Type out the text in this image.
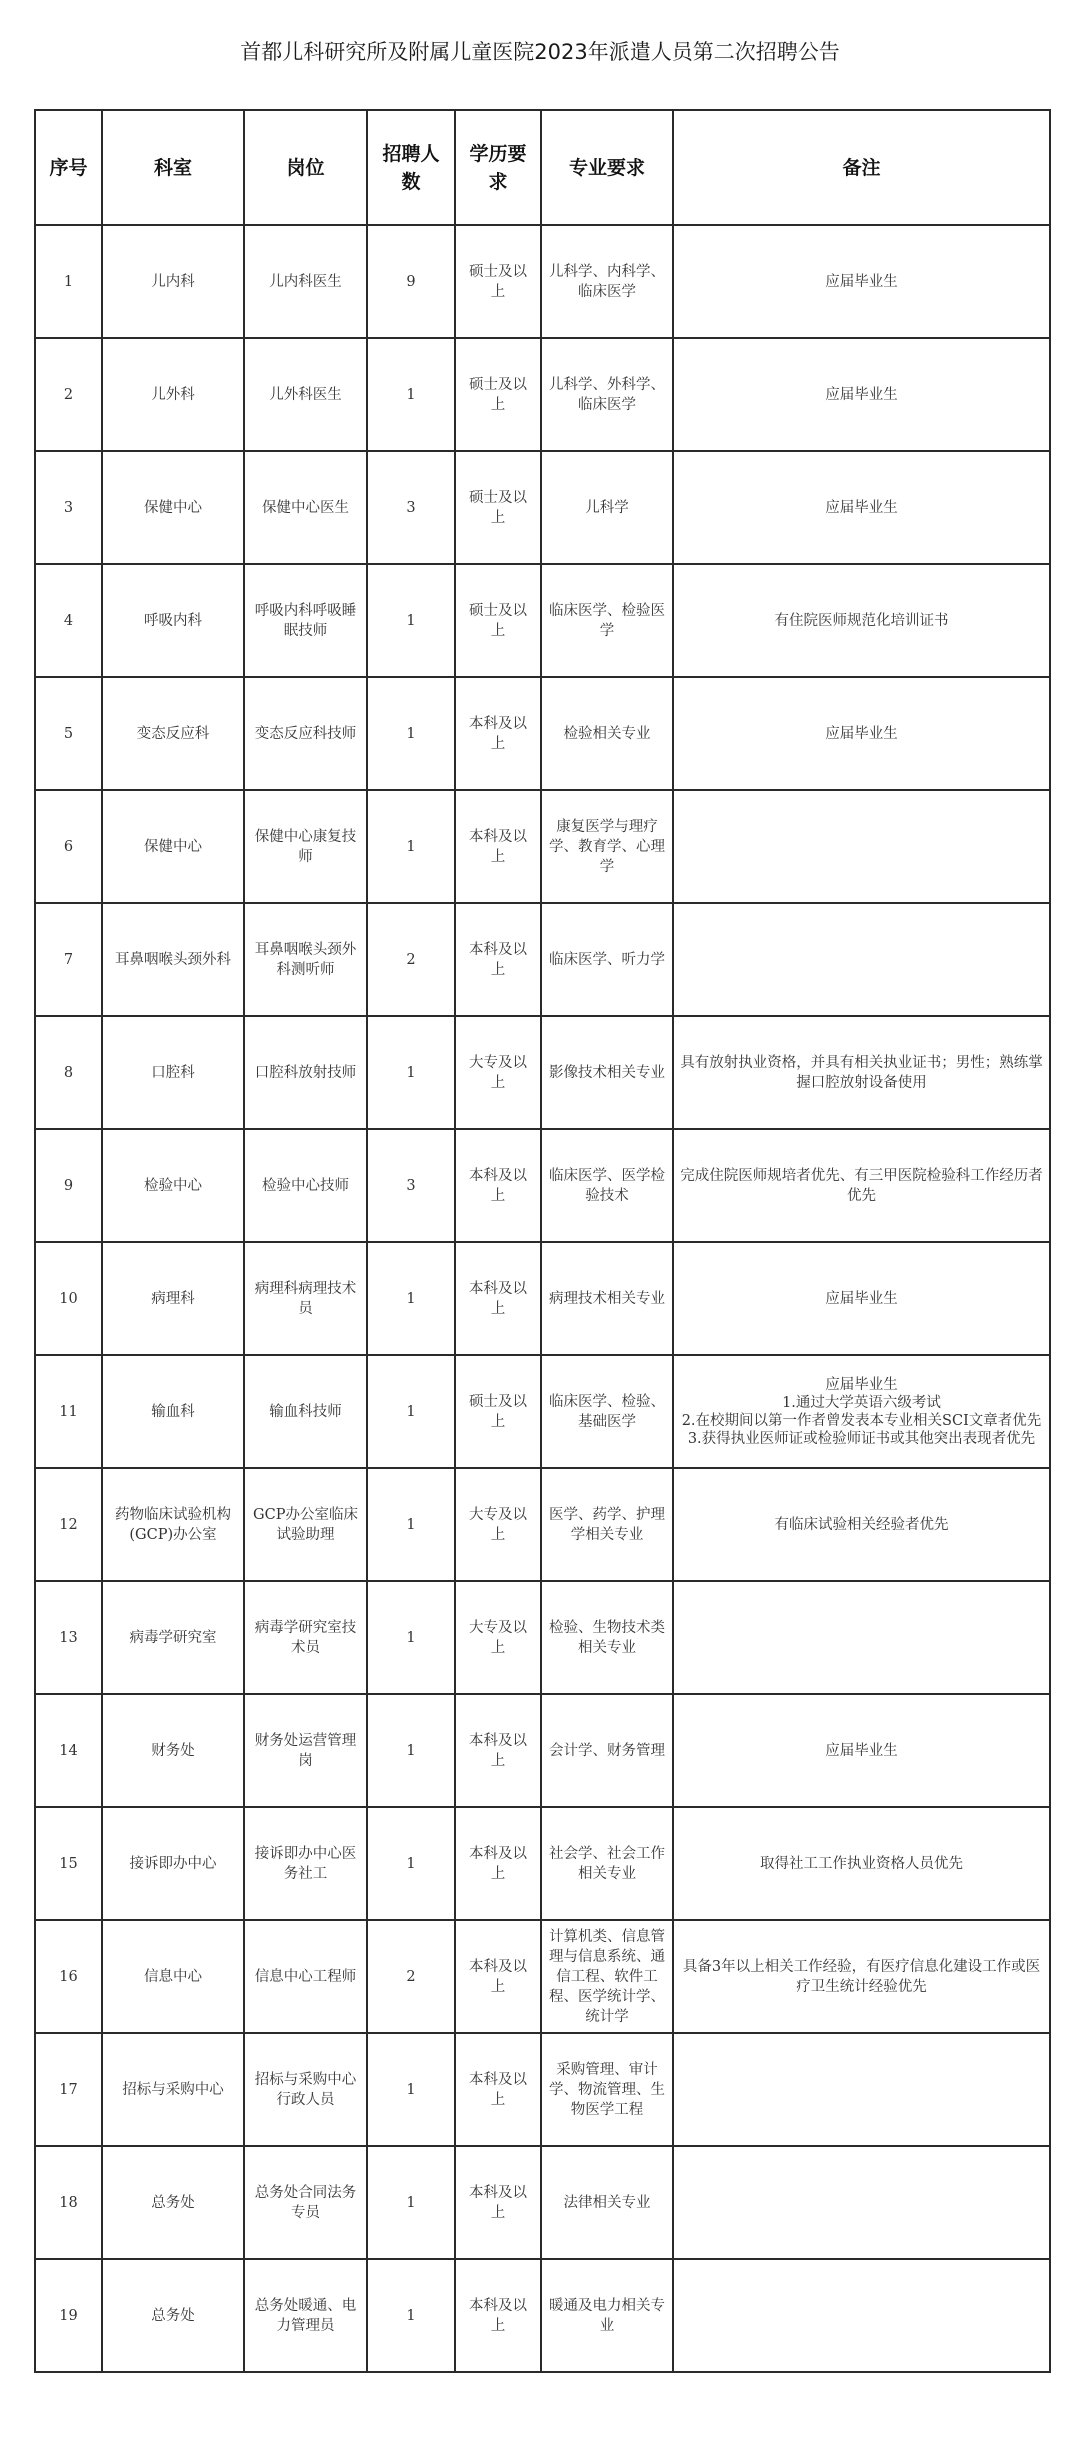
首都儿科研究所及附属儿童医院2023年派遣人员第二次招聘公告
序号	科室	岗位	招聘人数	学历要求	专业要求	备注
1	儿内科	儿内科医生	9	硕士及以上	儿科学、内科学、临床医学	应届毕业生

2	儿外科	儿外科医生	1	硕士及以上	儿科学、外科学、临床医学	应届毕业生

3	保健中心	保健中心医生	3	硕士及以上	儿科学	应届毕业生

4	呼吸内科	呼吸内科呼吸睡眠技师	1	硕士及以上	临床医学、检验医学	有住院医师规范化培训证书

5	变态反应科	变态反应科技师	1	本科及以上	检验相关专业	应届毕业生

6	保健中心	保健中心康复技师	1	本科及以上	康复医学与理疗学、教育学、心理学	
7	耳鼻咽喉头颈外科	耳鼻咽喉头颈外科测听师	2	本科及以上	临床医学、听力学	
8	口腔科	口腔科放射技师	1	大专及以上	影像技术相关专业	具有放射执业资格，并具有相关执业证书；男性；熟练掌握口腔放射设备使用

9	检验中心	检验中心技师	3	本科及以上	临床医学、医学检验技术	完成住院医师规培者优先、有三甲医院检验科工作经历者优先

10	病理科	病理科病理技术员	1	本科及以上	病理技术相关专业	应届毕业生

11	输血科	输血科技师	1	硕士及以上	临床医学、检验、基础医学	应届毕业生
1.通过大学英语六级考试
2.在校期间以第一作者曾发表本专业相关SCI文章者优先
3.获得执业医师证或检验师证书或其他突出表现者优先

12	药物临床试验机构(GCP)办公室	GCP办公室临床试验助理	1	大专及以上	医学、药学、护理学相关专业	有临床试验相关经验者优先

13	病毒学研究室	病毒学研究室技术员	1	大专及以上	检验、生物技术类相关专业	
14	财务处	财务处运营管理岗	1	本科及以上	会计学、财务管理	应届毕业生

15	接诉即办中心	接诉即办中心医务社工	1	本科及以上	社会学、社会工作相关专业	取得社工工作执业资格人员优先

16	信息中心	信息中心工程师	2	本科及以上	计算机类、信息管理与信息系统、通信工程、软件工程、医学统计学、统计学	具备3年以上相关工作经验，有医疗信息化建设工作或医疗卫生统计经验优先

17	招标与采购中心	招标与采购中心行政人员	1	本科及以上	采购管理、审计学、物流管理、生物医学工程	
18	总务处	总务处合同法务专员	1	本科及以上	法律相关专业	
19	总务处	总务处暖通、电力管理员	1	本科及以上	暖通及电力相关专业	
